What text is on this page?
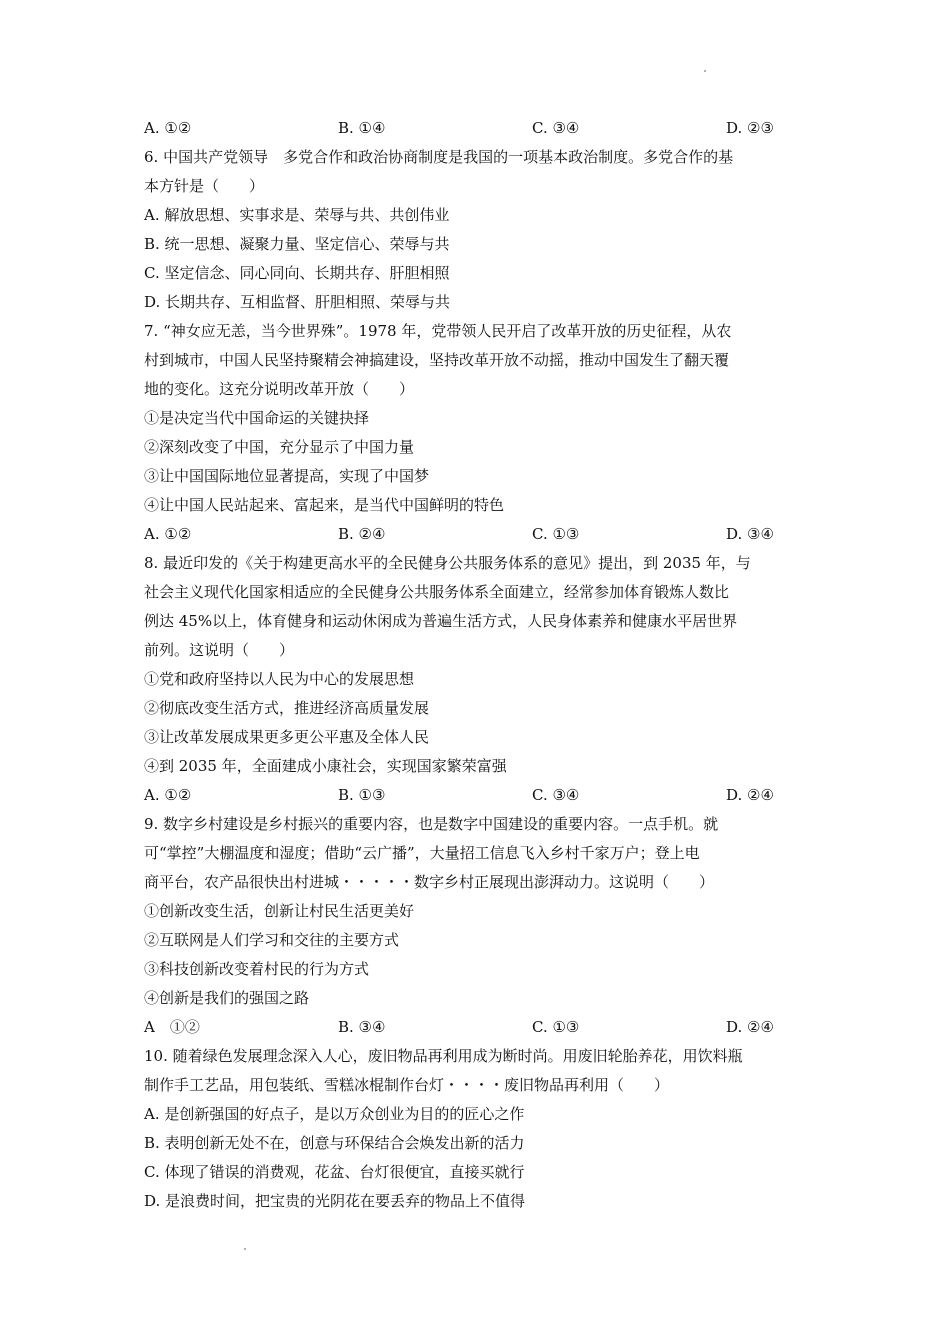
A. ①②	B. ①④	C. ③④	D. ②③
6. 中国共产党领导　多党合作和政治协商制度是我国的一项基本政治制度。多党合作的基
本方针是（　　）
A. 解放思想、实事求是、荣辱与共、共创伟业
B. 统一思想、凝聚力量、坚定信心、荣辱与共
C. 坚定信念、同心同向、长期共存、肝胆相照
D. 长期共存、互相监督、肝胆相照、荣辱与共
7. “神女应无恙，当今世界殊”。1978 年，党带领人民开启了改革开放的历史征程，从农
村到城市，中国人民坚持聚精会神搞建设，坚持改革开放不动摇，推动中国发生了翻天覆
地的变化。这充分说明改革开放（　　）
①是决定当代中国命运的关键抉择
②深刻改变了中国，充分显示了中国力量
③让中国国际地位显著提高，实现了中国梦
④让中国人民站起来、富起来，是当代中国鲜明的特色
A. ①②	B. ②④	C. ①③	D. ③④
8. 最近印发的《关于构建更高水平的全民健身公共服务体系的意见》提出，到 2035 年，与
社会主义现代化国家相适应的全民健身公共服务体系全面建立，经常参加体育锻炼人数比
例达 45%以上，体育健身和运动休闲成为普遍生活方式，人民身体素养和健康水平居世界
前列。这说明（　　）
①党和政府坚持以人民为中心的发展思想
②彻底改变生活方式，推进经济高质量发展
③让改革发展成果更多更公平惠及全体人民
④到 2035 年，全面建成小康社会，实现国家繁荣富强
A. ①②	B. ①③	C. ③④	D. ②④
9. 数字乡村建设是乡村振兴的重要内容，也是数字中国建设的重要内容。一点手机。就
可“掌控”大棚温度和湿度；借助“云广播”，大量招工信息飞入乡村千家万户；登上电
商平台，农产品很快出村进城・・・・・数字乡村正展现出澎湃动力。这说明（　　）
①创新改变生活，创新让村民生活更美好
②互联网是人们学习和交往的主要方式
③科技创新改变着村民的行为方式
④创新是我们的强国之路
A　①②	B. ③④	C. ①③	D. ②④
10. 随着绿色发展理念深入人心，废旧物品再利用成为断时尚。用废旧轮胎养花，用饮料瓶
制作手工艺品，用包装纸、雪糕冰棍制作台灯・・・・废旧物品再利用（　　）
A. 是创新强国的好点子，是以万众创业为目的的匠心之作
B. 表明创新无处不在，创意与环保结合会焕发出新的活力
C. 体现了错误的消费观，花盆、台灯很便宜，直接买就行
D. 是浪费时间，把宝贵的光阴花在要丢弃的物品上不值得
